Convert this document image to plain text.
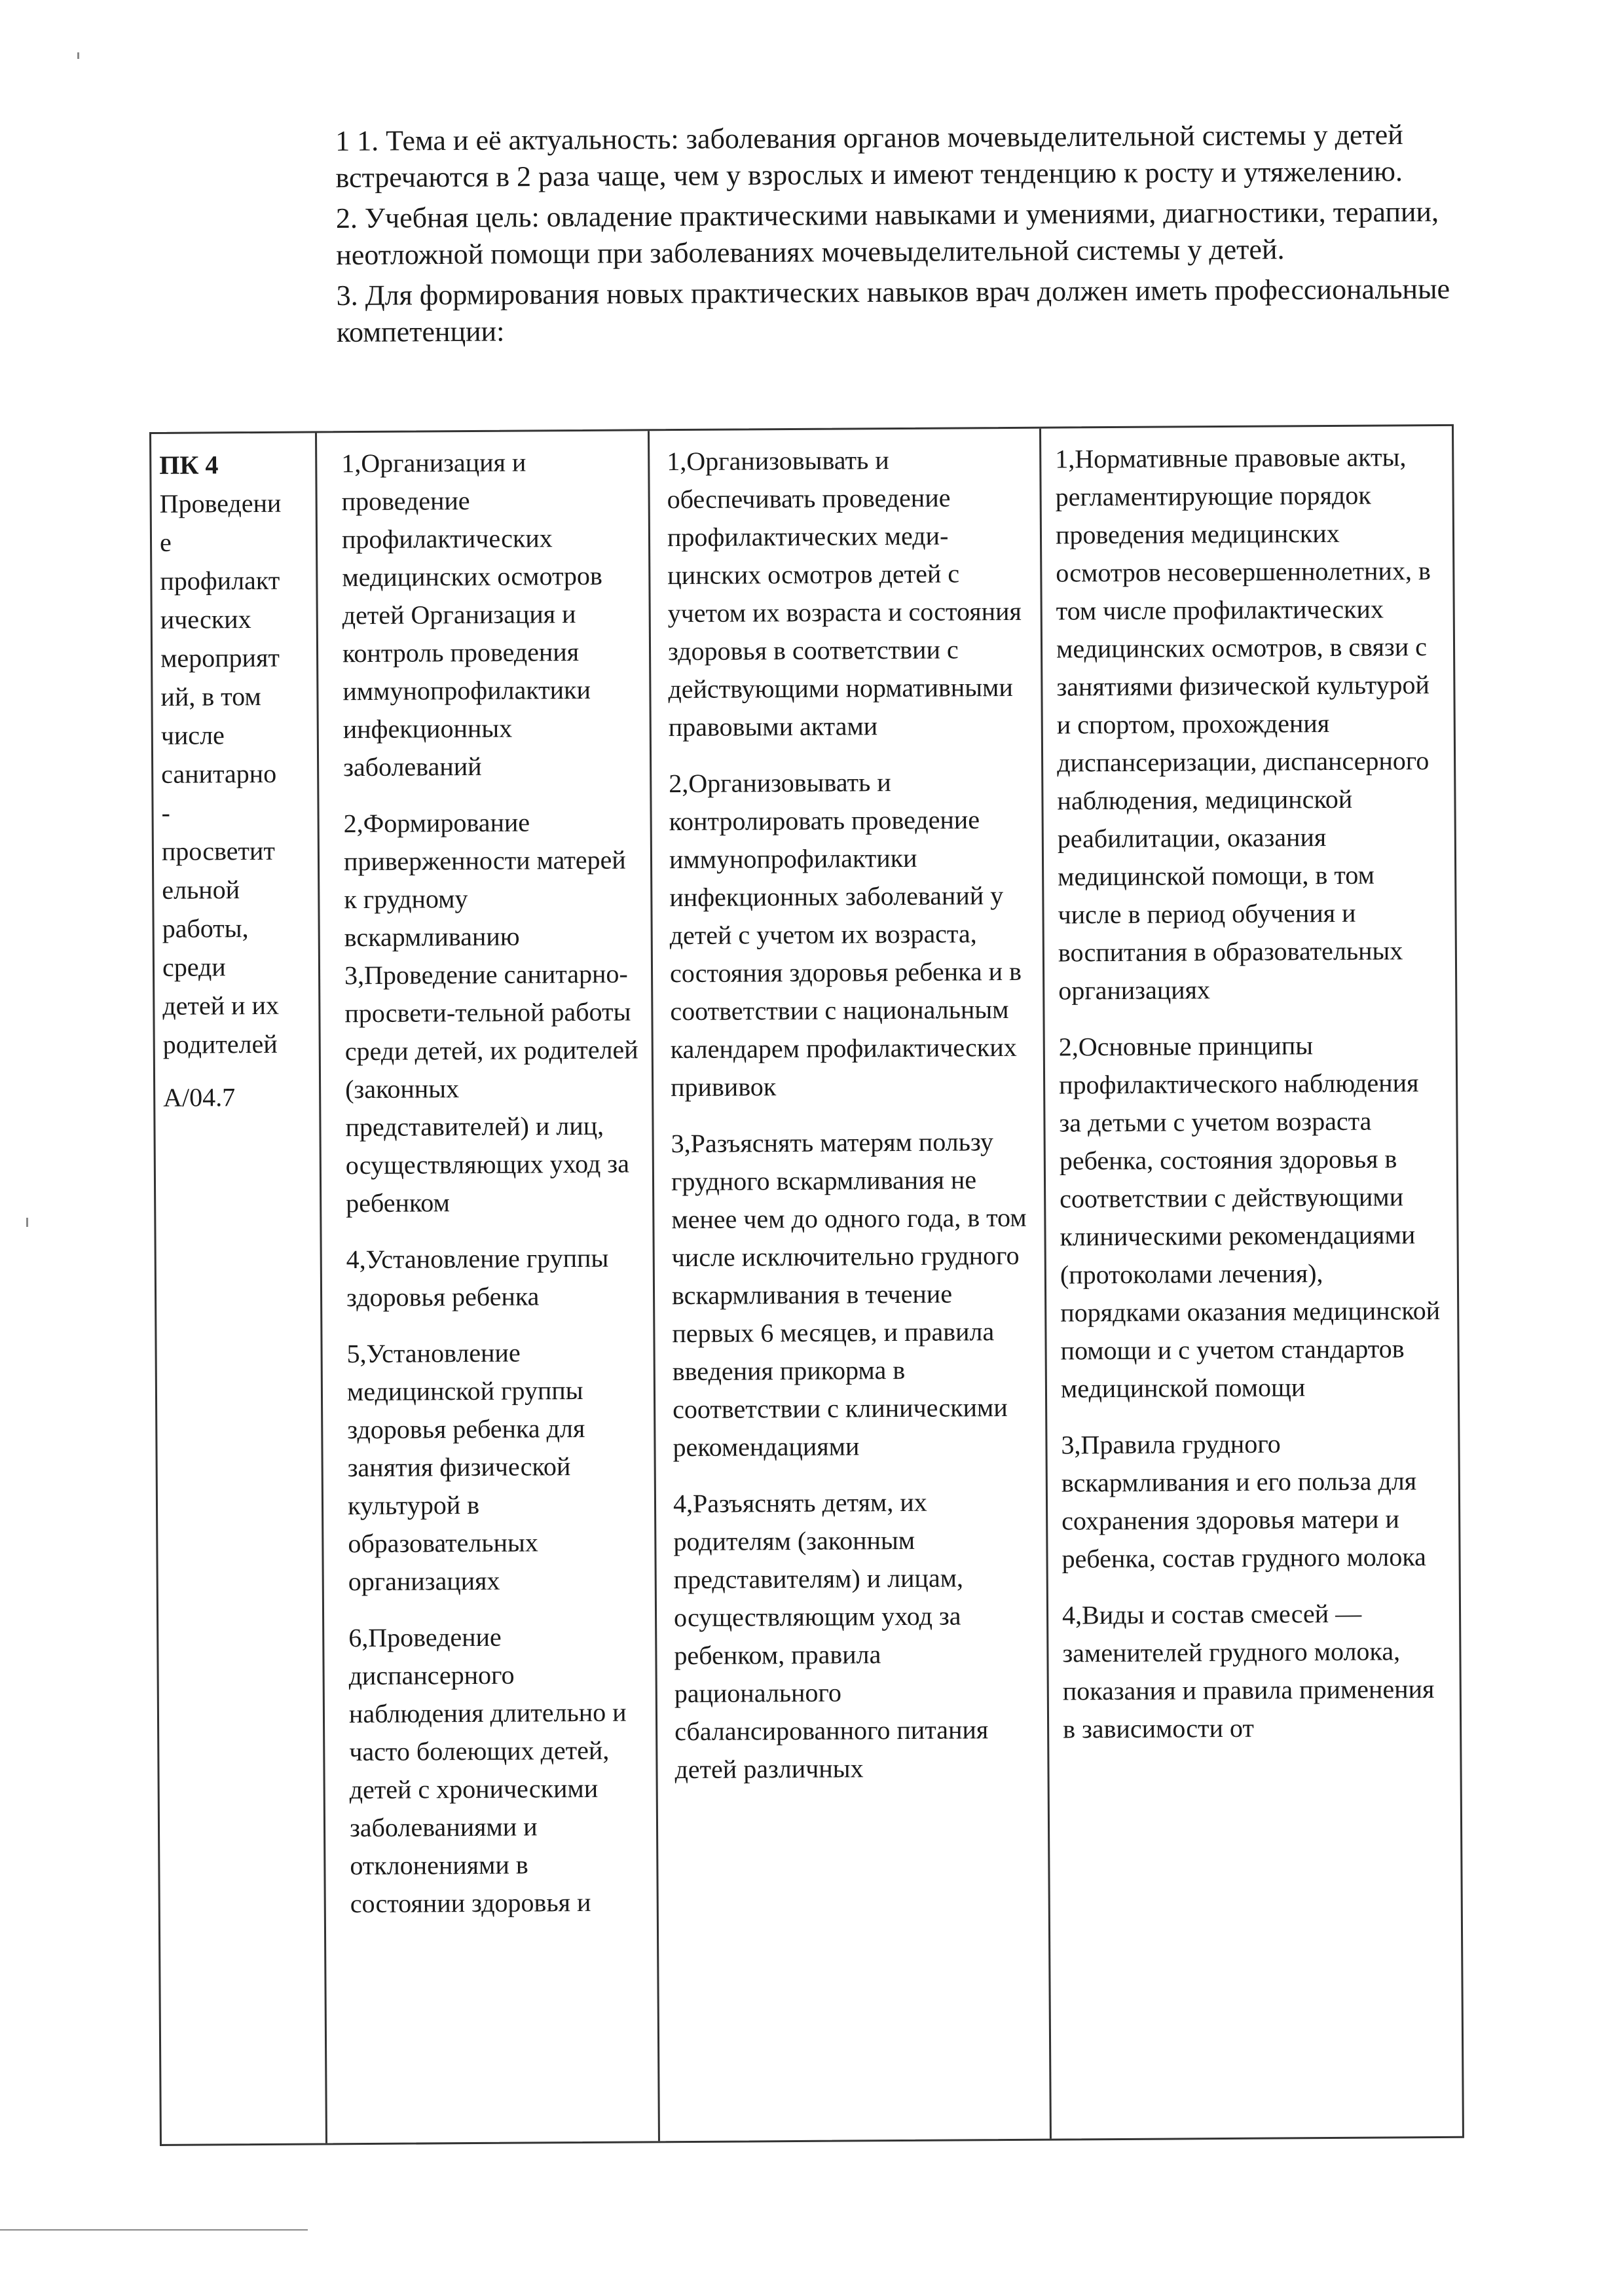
1 1. Тема и её актуальность: заболевания органов мочевыделительной системы у детей встречаются в 2 раза чаще, чем у взрослых и имеют тенденцию к росту и утяжелению.

2. Учебная цель: овладение практическими навыками и умениями, диагностики, терапии, неотложной помощи при заболеваниях мочевыделительной системы у детей.

3. Для формирования новых практических навыков врач должен иметь профессиональные компетенции:

ПК 4
Проведени
е
профилакт
ических
мероприят
ий, в том
числе
санитарно
-
просветит
ельной
работы,
среди
детей и их
родителей
A/04.7

1,Организация и проведение профилактических медицинских осмотров детей Организация и контроль проведения иммунопрофилактики инфекционных заболеваний

2,Формирование приверженности матерей к грудному вскармливанию 3,Проведение санитарно-просвети-тельной работы среди детей, их родителей (законных представителей) и лиц, осуществляющих уход за ребенком

4,Установление группы здоровья ребенка

5,Установление медицинской группы здоровья ребенка для занятия физической культурой в образовательных организациях

6,Проведение диспансерного наблюдения длительно и часто болеющих детей, детей с хроническими заболеваниями и отклонениями в состоянии здоровья и

1,Организовывать и обеспечивать проведение профилактических меди-цинских осмотров детей с учетом их возраста и состояния здоровья в соответствии с действующими нормативными правовыми актами

2,Организовывать и контролировать проведение иммунопрофилактики инфекционных заболеваний у детей с учетом их возраста, состояния здоровья ребенка и в соответствии с национальным календарем профилактических прививок

3,Разъяснять матерям пользу грудного вскармливания не менее чем до одного года, в том числе исключительно грудного вскармливания в течение первых 6 месяцев, и правила введения прикорма в соответствии с клиническими рекомендациями

4,Разъяснять детям, их родителям (законным представителям) и лицам, осуществляющим уход за ребенком, правила рационального сбалансированного питания детей различных

1,Нормативные правовые акты, регламентирующие порядок проведения медицинских осмотров несовершеннолетних, в том числе профилактических медицинских осмотров, в связи с занятиями физической культурой и спортом, прохождения диспансеризации, диспансерного наблюдения, медицинской реабилитации, оказания медицинской помощи, в том числе в период обучения и воспитания в образовательных организациях

2,Основные принципы профилактического наблюдения за детьми с учетом возраста ребенка, состояния здоровья в соответствии с действующими клиническими рекомендациями (протоколами лечения), порядками оказания медицинской помощи и с учетом стандартов медицинской помощи

3,Правила грудного вскармливания и его польза для сохранения здоровья матери и ребенка, состав грудного молока

4,Виды и состав смесей — заменителей грудного молока, показания и правила применения в зависимости от
